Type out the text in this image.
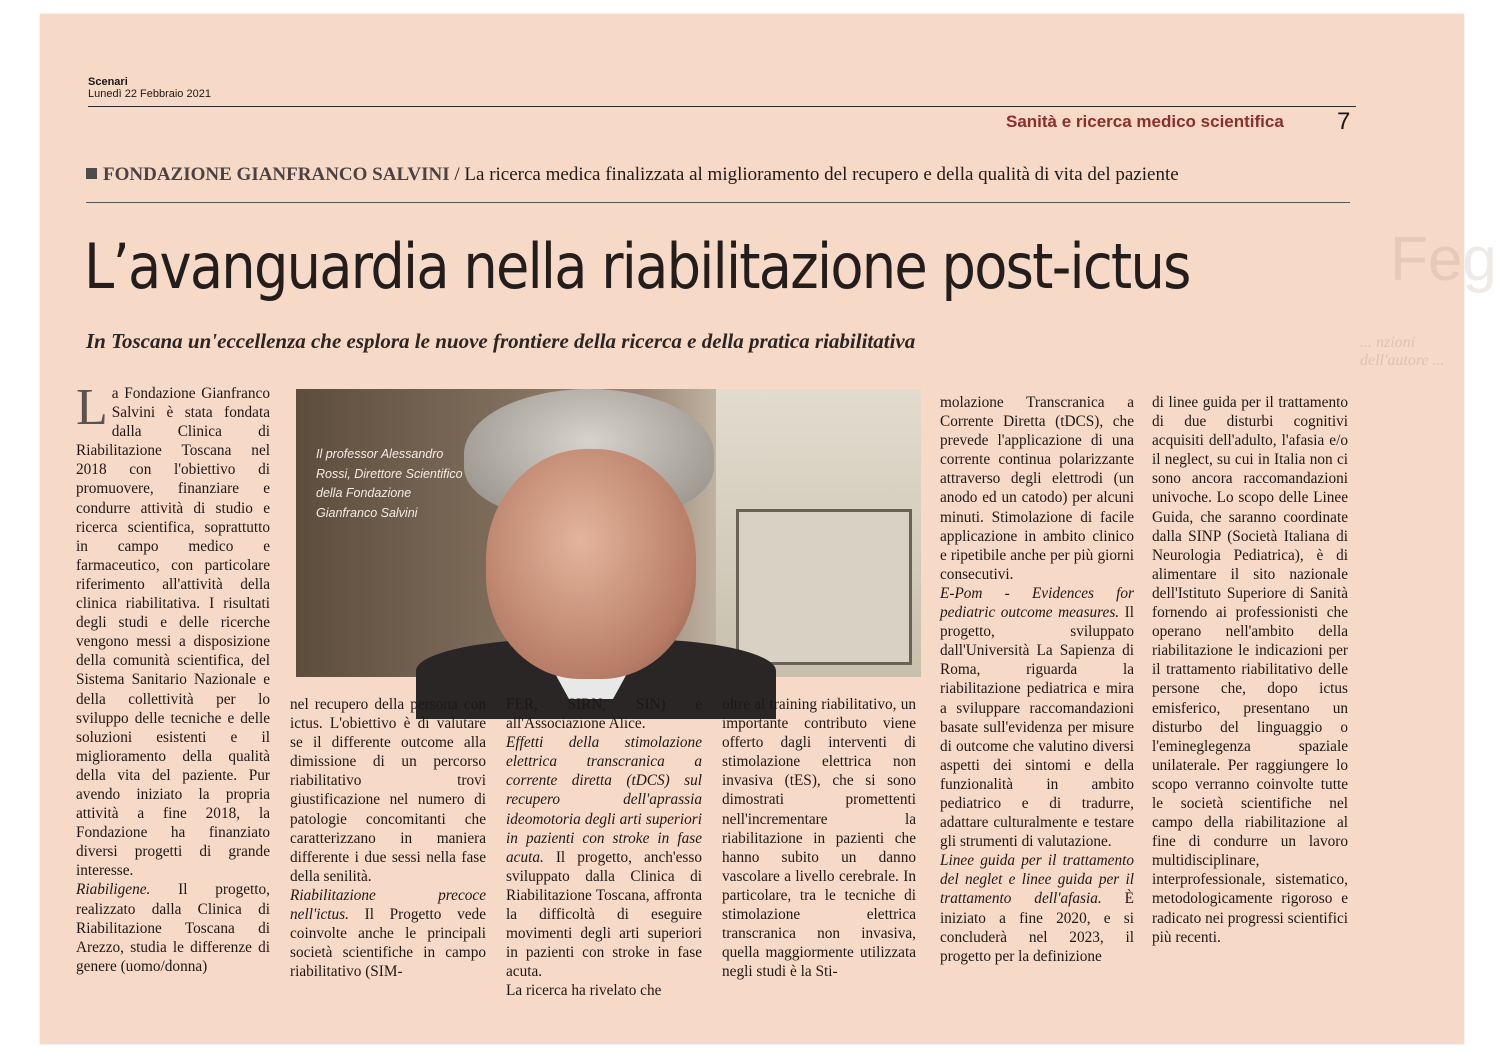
Feg
... nzioni dell'autore ...
Scenari
Lunedì 22 Febbraio 2021
Sanità e ricerca medico scientifica 7
FONDAZIONE GIANFRANCO SALVINI / La ricerca medica finalizzata al miglioramento del recupero e della qualità di vita del paziente
L’avanguardia nella riabilitazione post-ictus
In Toscana un'eccellenza che esplora le nuove frontiere della ricerca e della pratica riabilitativa

La Fondazione Gianfranco Salvini è stata fondata dalla Clinica di Riabilitazione Toscana nel 2018 con l'obiettivo di promuovere, finanziare e condurre attività di studio e ricerca scientifica, soprattutto in campo medico e farmaceutico, con particolare riferimento all'attività della clinica riabilitativa. I risultati degli studi e delle ricerche vengono messi a disposizione della comunità scientifica, del Sistema Sanitario Nazionale e della collettività per lo sviluppo delle tecniche e delle soluzioni esistenti e il miglioramento della qualità della vita del paziente. Pur avendo iniziato la propria attività a fine 2018, la Fondazione ha finanziato diversi progetti di grande interesse.

Riabiligene. Il progetto, realizzato dalla Clinica di Riabilitazione Toscana di Arezzo, studia le differenze di genere (uomo/donna)

Il professor Alessandro Rossi, Direttore Scientifico della Fondazione Gianfranco Salvini

nel recupero della persona con ictus. L'obiettivo è di valutare se il differente outcome alla dimissione di un percorso riabilitativo trovi giustificazione nel numero di patologie concomitanti che caratterizzano in maniera differente i due sessi nella fase della senilità.

Riabilitazione precoce nell'ictus. Il Progetto vede coinvolte anche le principali società scientifiche in campo riabilitativo (SIM-

FER, SIRN, SIN) e all'Associazione Alice.

Effetti della stimolazione elettrica transcranica a corrente diretta (tDCS) sul recupero dell'aprassia ideomotoria degli arti superiori in pazienti con stroke in fase acuta. Il progetto, anch'esso sviluppato dalla Clinica di Riabilitazione Toscana, affronta la difficoltà di eseguire movimenti degli arti superiori in pazienti con stroke in fase acuta.

La ricerca ha rivelato che

oltre al training riabilitativo, un importante contributo viene offerto dagli interventi di stimolazione elettrica non invasiva (tES), che si sono dimostrati promettenti nell'incrementare la riabilitazione in pazienti che hanno subito un danno vascolare a livello cerebrale. In particolare, tra le tecniche di stimolazione elettrica transcranica non invasiva, quella maggiormente utilizzata negli studi è la Sti-

molazione Transcranica a Corrente Diretta (tDCS), che prevede l'applicazione di una corrente continua polarizzante attraverso degli elettrodi (un anodo ed un catodo) per alcuni minuti. Stimolazione di facile applicazione in ambito clinico e ripetibile anche per più giorni consecutivi.

E-Pom - Evidences for pediatric outcome measures. Il progetto, sviluppato dall'Università La Sapienza di Roma, riguarda la riabilitazione pediatrica e mira a sviluppare raccomandazioni basate sull'evidenza per misure di outcome che valutino diversi aspetti dei sintomi e della funzionalità in ambito pediatrico e di tradurre, adattare culturalmente e testare gli strumenti di valutazione.

Linee guida per il trattamento del neglet e linee guida per il trattamento dell'afasia. È iniziato a fine 2020, e si concluderà nel 2023, il progetto per la definizione

di linee guida per il trattamento di due disturbi cognitivi acquisiti dell'adulto, l'afasia e/o il neglect, su cui in Italia non ci sono ancora raccomandazioni univoche. Lo scopo delle Linee Guida, che saranno coordinate dalla SINP (Società Italiana di Neurologia Pediatrica), è di alimentare il sito nazionale dell'Istituto Superiore di Sanità fornendo ai professionisti che operano nell'ambito della riabilitazione le indicazioni per il trattamento riabilitativo delle persone che, dopo ictus emisferico, presentano un disturbo del linguaggio o l'emineglegenza spaziale unilaterale. Per raggiungere lo scopo verranno coinvolte tutte le società scientifiche nel campo della riabilitazione al fine di condurre un lavoro multidisciplinare, interprofessionale, sistematico, metodologicamente rigoroso e radicato nei progressi scientifici più recenti.
